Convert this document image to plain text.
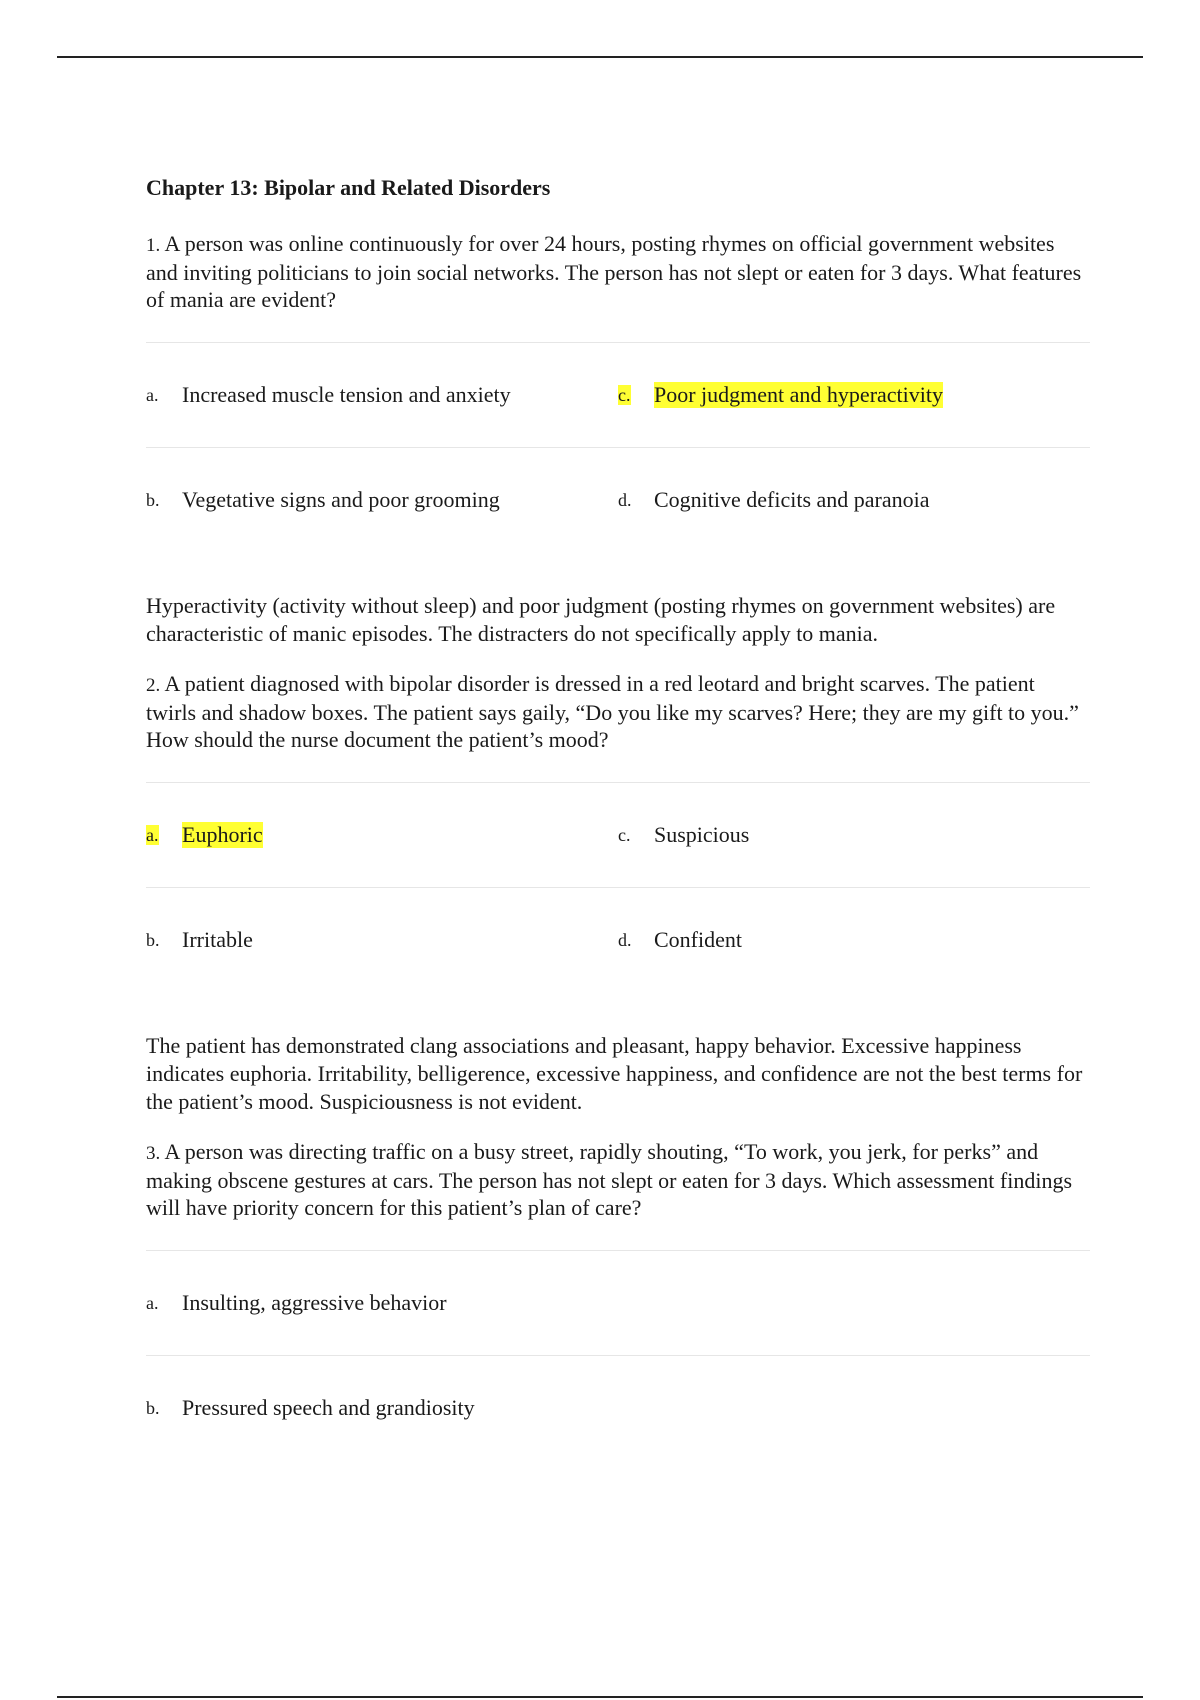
Chapter 13: Bipolar and Related Disorders

1. A person was online continuously for over 24 hours, posting rhymes on official government websites and inviting politicians to join social networks. The person has not slept or eaten for 3 days. What features of mania are evident?

a.	Increased muscle tension and anxiety	c.	Poor judgment and hyperactivity
b.	Vegetative signs and poor grooming	d.	Cognitive deficits and paranoia

Hyperactivity (activity without sleep) and poor judgment (posting rhymes on government websites) are characteristic of manic episodes. The distracters do not specifically apply to mania.

2. A patient diagnosed with bipolar disorder is dressed in a red leotard and bright scarves. The patient twirls and shadow boxes. The patient says gaily, “Do you like my scarves? Here; they are my gift to you.” How should the nurse document the patient’s mood?

a.	Euphoric	c.	Suspicious
b.	Irritable	d.	Confident

The patient has demonstrated clang associations and pleasant, happy behavior. Excessive happiness indicates euphoria. Irritability, belligerence, excessive happiness, and confidence are not the best terms for the patient’s mood. Suspiciousness is not evident.

3. A person was directing traffic on a busy street, rapidly shouting, “To work, you jerk, for perks” and making obscene gestures at cars. The person has not slept or eaten for 3 days. Which assessment findings will have priority concern for this patient’s plan of care?

a.	Insulting, aggressive behavior
b.	Pressured speech and grandiosity
